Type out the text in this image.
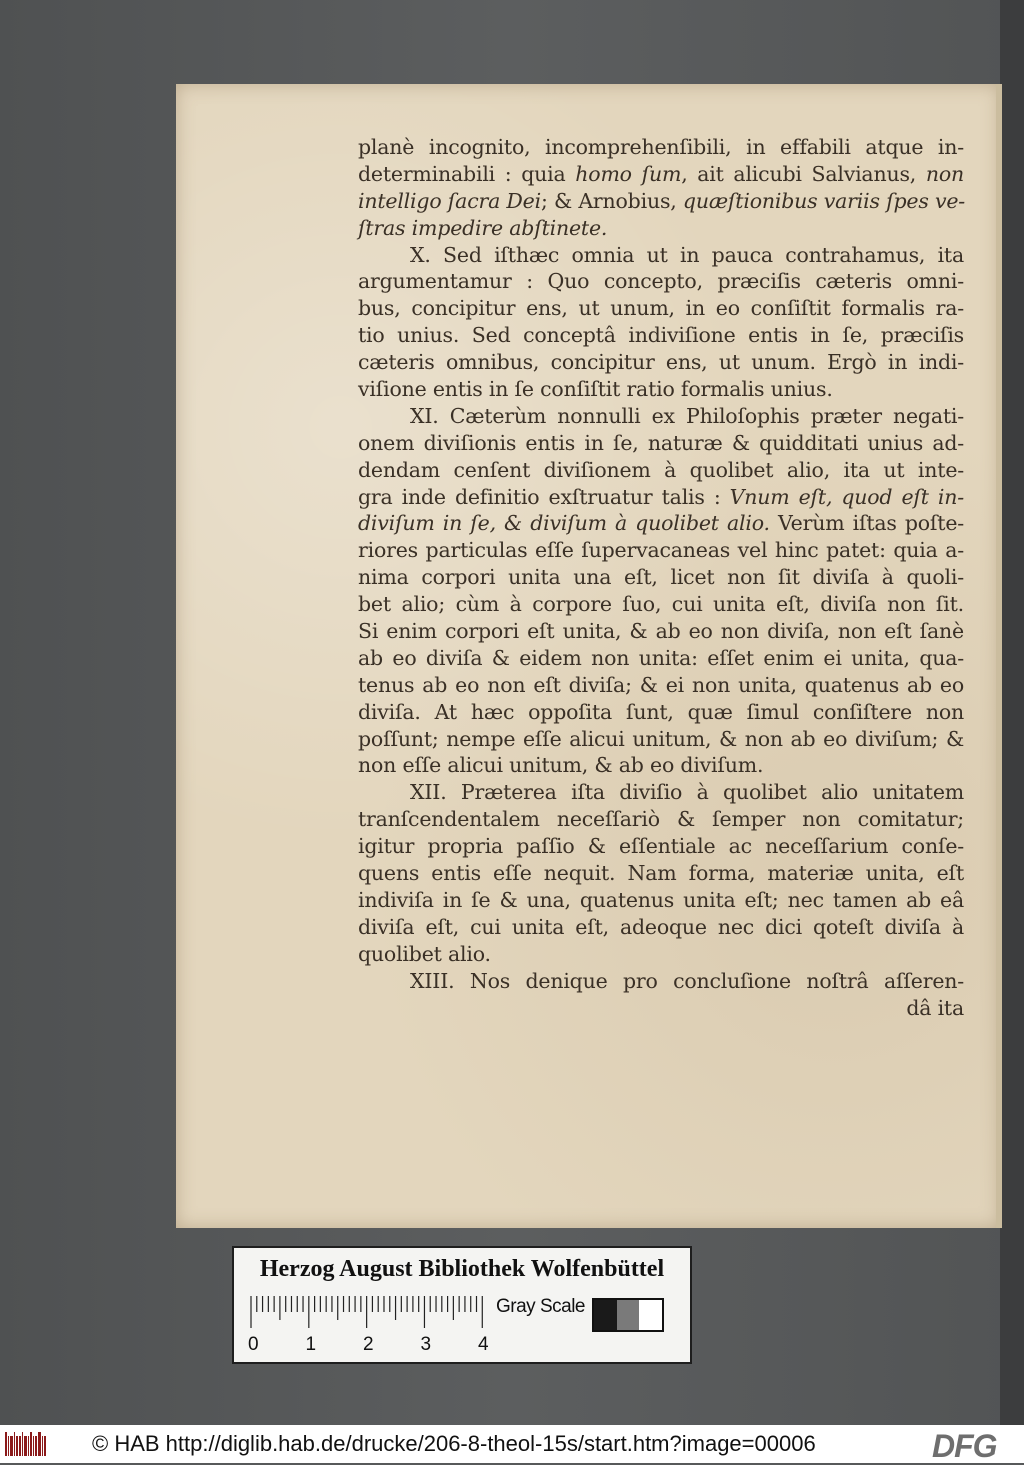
planè incognito, incomprehenſibili, in effabili atque in-
determinabili : quia homo ſum, ait alicubi Salvianus, non
intelligo ſacra Dei; & Arnobius, quæſtionibus variis ſpes ve-
ſtras impedire abſtinete.
X. Sed iſthæc omnia ut in pauca contrahamus, ita
argumentamur : Quo concepto, præciſis cæteris omni-
bus, concipitur ens, ut unum, in eo conſiſtit formalis ra-
tio unius. Sed conceptâ indiviſione entis in ſe, præciſis
cæteris omnibus, concipitur ens, ut unum. Ergò in indi-
viſione entis in ſe conſiſtit ratio formalis unius.
XI. Cæterùm nonnulli ex Philoſophis præter negati-
onem diviſionis entis in ſe, naturæ & quidditati unius ad-
dendam cenſent diviſionem à quolibet alio, ita ut inte-
gra inde definitio exſtruatur talis : Vnum eſt, quod eſt in-
diviſum in ſe, & diviſum à quolibet alio. Verùm iſtas poſte-
riores particulas eſſe ſupervacaneas vel hinc patet: quia a-
nima corpori unita una eſt, licet non ſit diviſa à quoli-
bet alio; cùm à corpore ſuo, cui unita eſt, diviſa non ſit.
Si enim corpori eſt unita, & ab eo non diviſa, non eſt ſanè
ab eo diviſa & eidem non unita: eſſet enim ei unita, qua-
tenus ab eo non eſt diviſa; & ei non unita, quatenus ab eo
diviſa. At hæc oppoſita ſunt, quæ ſimul conſiſtere non
poſſunt; nempe eſſe alicui unitum, & non ab eo diviſum; &
non eſſe alicui unitum, & ab eo diviſum.
XII. Præterea iſta diviſio à quolibet alio unitatem
tranſcendentalem neceſſariò & ſemper non comitatur;
igitur propria paſſio & eſſentiale ac neceſſarium conſe-
quens entis eſſe nequit. Nam forma, materiæ unita, eſt
indiviſa in ſe & una, quatenus unita eſt; nec tamen ab eâ
diviſa eſt, cui unita eſt, adeoque nec dici qoteſt diviſa à
quolibet alio.
XIII. Nos denique pro concluſione noſtrâ aſſeren-
dâ ita
Herzog August Bibliothek Wolfenbüttel
0 1 2 3 4
Gray Scale
© HAB http://diglib.hab.de/drucke/206-8-theol-15s/start.htm?image=00006	DFG
